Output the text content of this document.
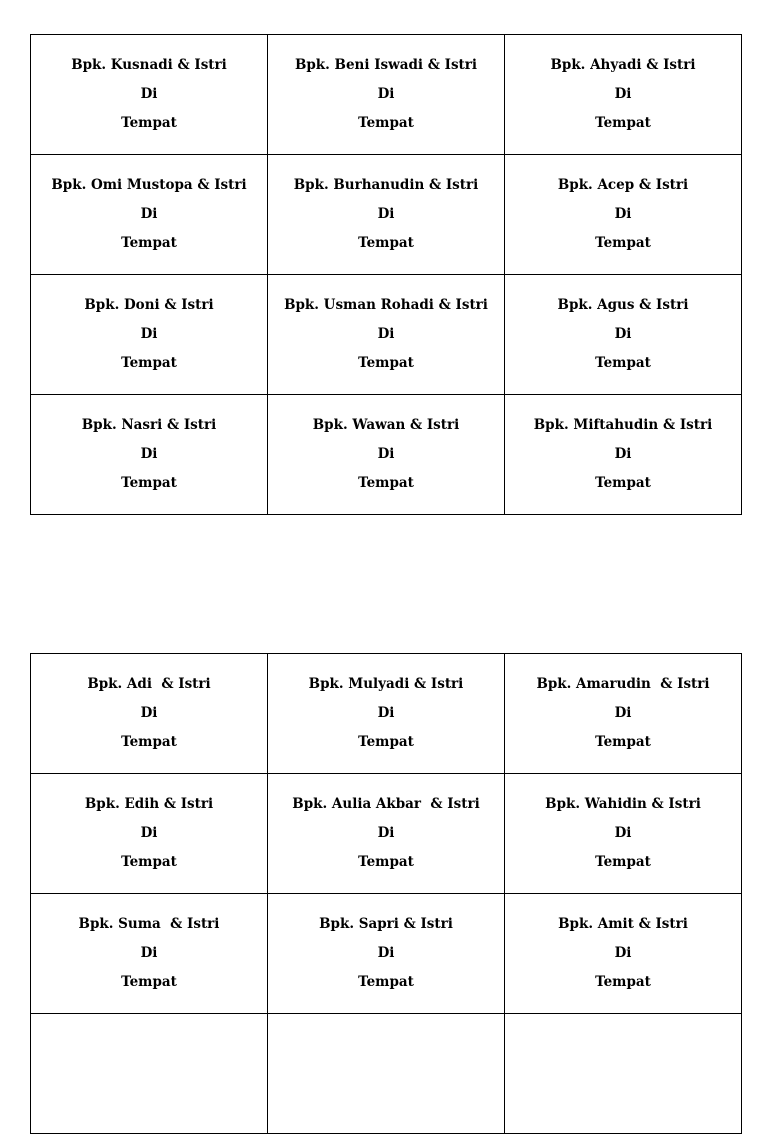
Bpk. Kusnadi & Istri
Di
Tempat	Bpk. Beni Iswadi & Istri
Di
Tempat	Bpk. Ahyadi & Istri
Di
Tempat

Bpk. Omi Mustopa & Istri
Di
Tempat	Bpk. Burhanudin & Istri
Di
Tempat	Bpk. Acep & Istri
Di
Tempat

Bpk. Doni & Istri
Di
Tempat	Bpk. Usman Rohadi & Istri
Di
Tempat	Bpk. Agus & Istri
Di
Tempat

Bpk. Nasri & Istri
Di
Tempat	Bpk. Wawan & Istri
Di
Tempat	Bpk. Miftahudin & Istri
Di
Tempat
Bpk. Adi  & Istri
Di
Tempat	Bpk. Mulyadi & Istri
Di
Tempat	Bpk. Amarudin  & Istri
Di
Tempat

Bpk. Edih & Istri
Di
Tempat	Bpk. Aulia Akbar  & Istri
Di
Tempat	Bpk. Wahidin & Istri
Di
Tempat

Bpk. Suma  & Istri
Di
Tempat	Bpk. Sapri & Istri
Di
Tempat	Bpk. Amit & Istri
Di
Tempat
